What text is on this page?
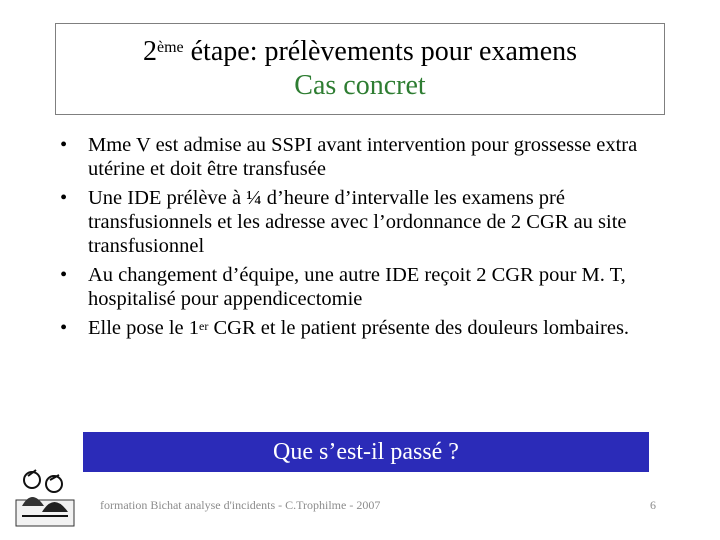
2ème étape: prélèvements pour examens
Cas concret
• Mme V est admise au SSPI avant intervention pour grossesse extra utérine et doit être transfusée
• Une IDE prélève à ¼ d’heure d’intervalle les examens pré transfusionnels et les adresse avec l’ordonnance de 2 CGR au site transfusionnel
• Au changement d’équipe, une autre IDE reçoit 2 CGR pour M. T, hospitalisé pour appendicectomie
• Elle pose le 1er CGR et le patient présente des douleurs lombaires.
Que s’est-il passé ?
formation Bichat analyse d'incidents - C.Trophilme - 2007	6
